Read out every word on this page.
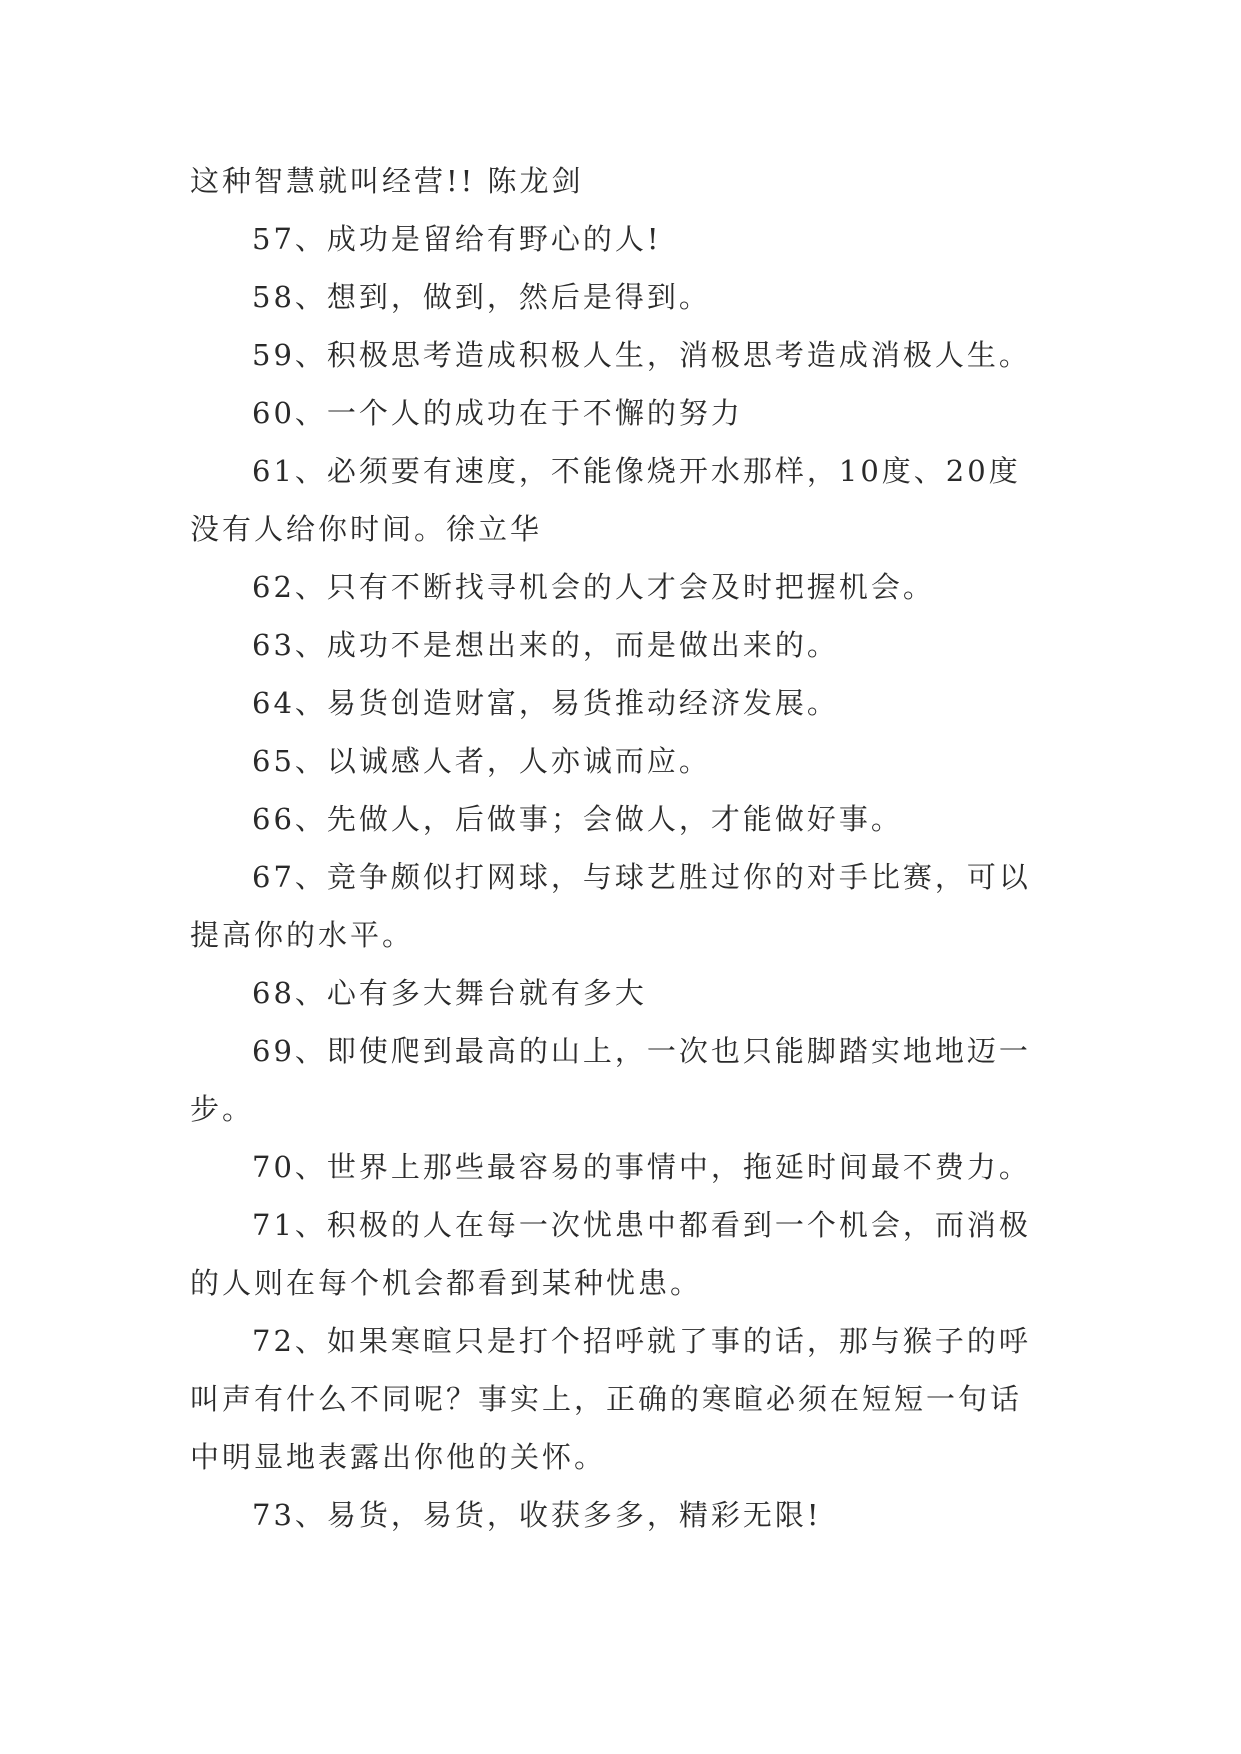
这种智慧就叫经营!! 陈龙剑

57、成功是留给有野心的人!

58、想到，做到，然后是得到。

59、积极思考造成积极人生，消极思考造成消极人生。

60、一个人的成功在于不懈的努力

61、必须要有速度，不能像烧开水那样，10度、20度

没有人给你时间。徐立华

62、只有不断找寻机会的人才会及时把握机会。

63、成功不是想出来的，而是做出来的。

64、易货创造财富，易货推动经济发展。

65、以诚感人者，人亦诚而应。

66、先做人，后做事；会做人，才能做好事。

67、竞争颇似打网球，与球艺胜过你的对手比赛，可以

提高你的水平。

68、心有多大舞台就有多大

69、即使爬到最高的山上，一次也只能脚踏实地地迈一

步。

70、世界上那些最容易的事情中，拖延时间最不费力。

71、积极的人在每一次忧患中都看到一个机会，而消极

的人则在每个机会都看到某种忧患。

72、如果寒暄只是打个招呼就了事的话，那与猴子的呼

叫声有什么不同呢？事实上，正确的寒暄必须在短短一句话

中明显地表露出你他的关怀。

73、易货，易货，收获多多，精彩无限!
